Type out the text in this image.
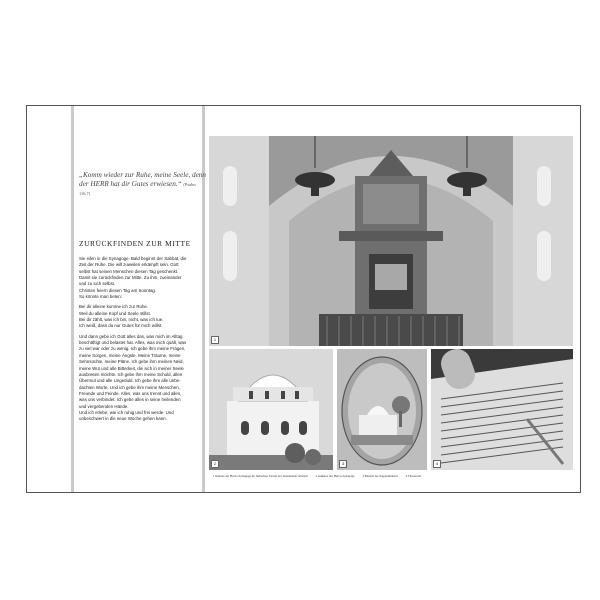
„Komm wieder zur Ruhe, meine Seele, denn der HERR hat dir Gutes erwiesen.“ (Psalm 116,7)
ZURÜCKFINDEN ZUR MITTE

Sie eilen in die Synagoge. Bald beginnt der Sabbat, die
Zeit der Ruhe. Die will zuweilen erkämpft sein. Gott
selbst hat seinen Menschen diesen Tag geschenkt.
Damit sie zurückfinden zur Mitte. Zu ihm, zueinander
und zu sich selbst.
Christen feiern diesen Tag am Sonntag.
So könnte man beten:

Bei dir alleine komme ich zur Ruhe.
Weil du alleine Kopf und Seele stillst.
Bei dir zählt, was ich bin, nicht, was ich tue.
Ich weiß, dass du nur Gutes für mich willst.

Und dann gebe ich Gott alles das, was mich im Alltag
beschäftigt und belastet hat. Alles, was mich quält, was
zu viel war oder zu wenig. Ich gebe ihm meine Fragen,
meine Sorgen, meine Ängste. Meine Träume, meine
Sehnsüchte, meine Pläne. Ich gebe ihm meinen Neid,
meine Wut und alle Bitterkeit, die sich in meiner Seele
ausbreiten möchte. Ich gebe ihm meine Schuld, allen
Übermut und alle Ungeduld. Ich gebe ihm alle unbe-
dachten Worte. Und ich gebe ihm meine Menschen,
Freunde und Feinde. Alles, was uns trennt und alles,
was uns verbindet. Ich gebe alles in seine heilenden
und vergebenden Hände.
Und ich erlebe, wie ich ruhig und frei werde. Und
unbeschwert in die neue Woche gehen kann.

1
2	3	4
1 Inneres der Hurva-Synagoge im Jüdischen Viertel der Jerusalemer Altstadt	2 Äußeres der Hurva-Synagoge	3 Bleisch der Kuppelmalerei	4 Thorarolle
